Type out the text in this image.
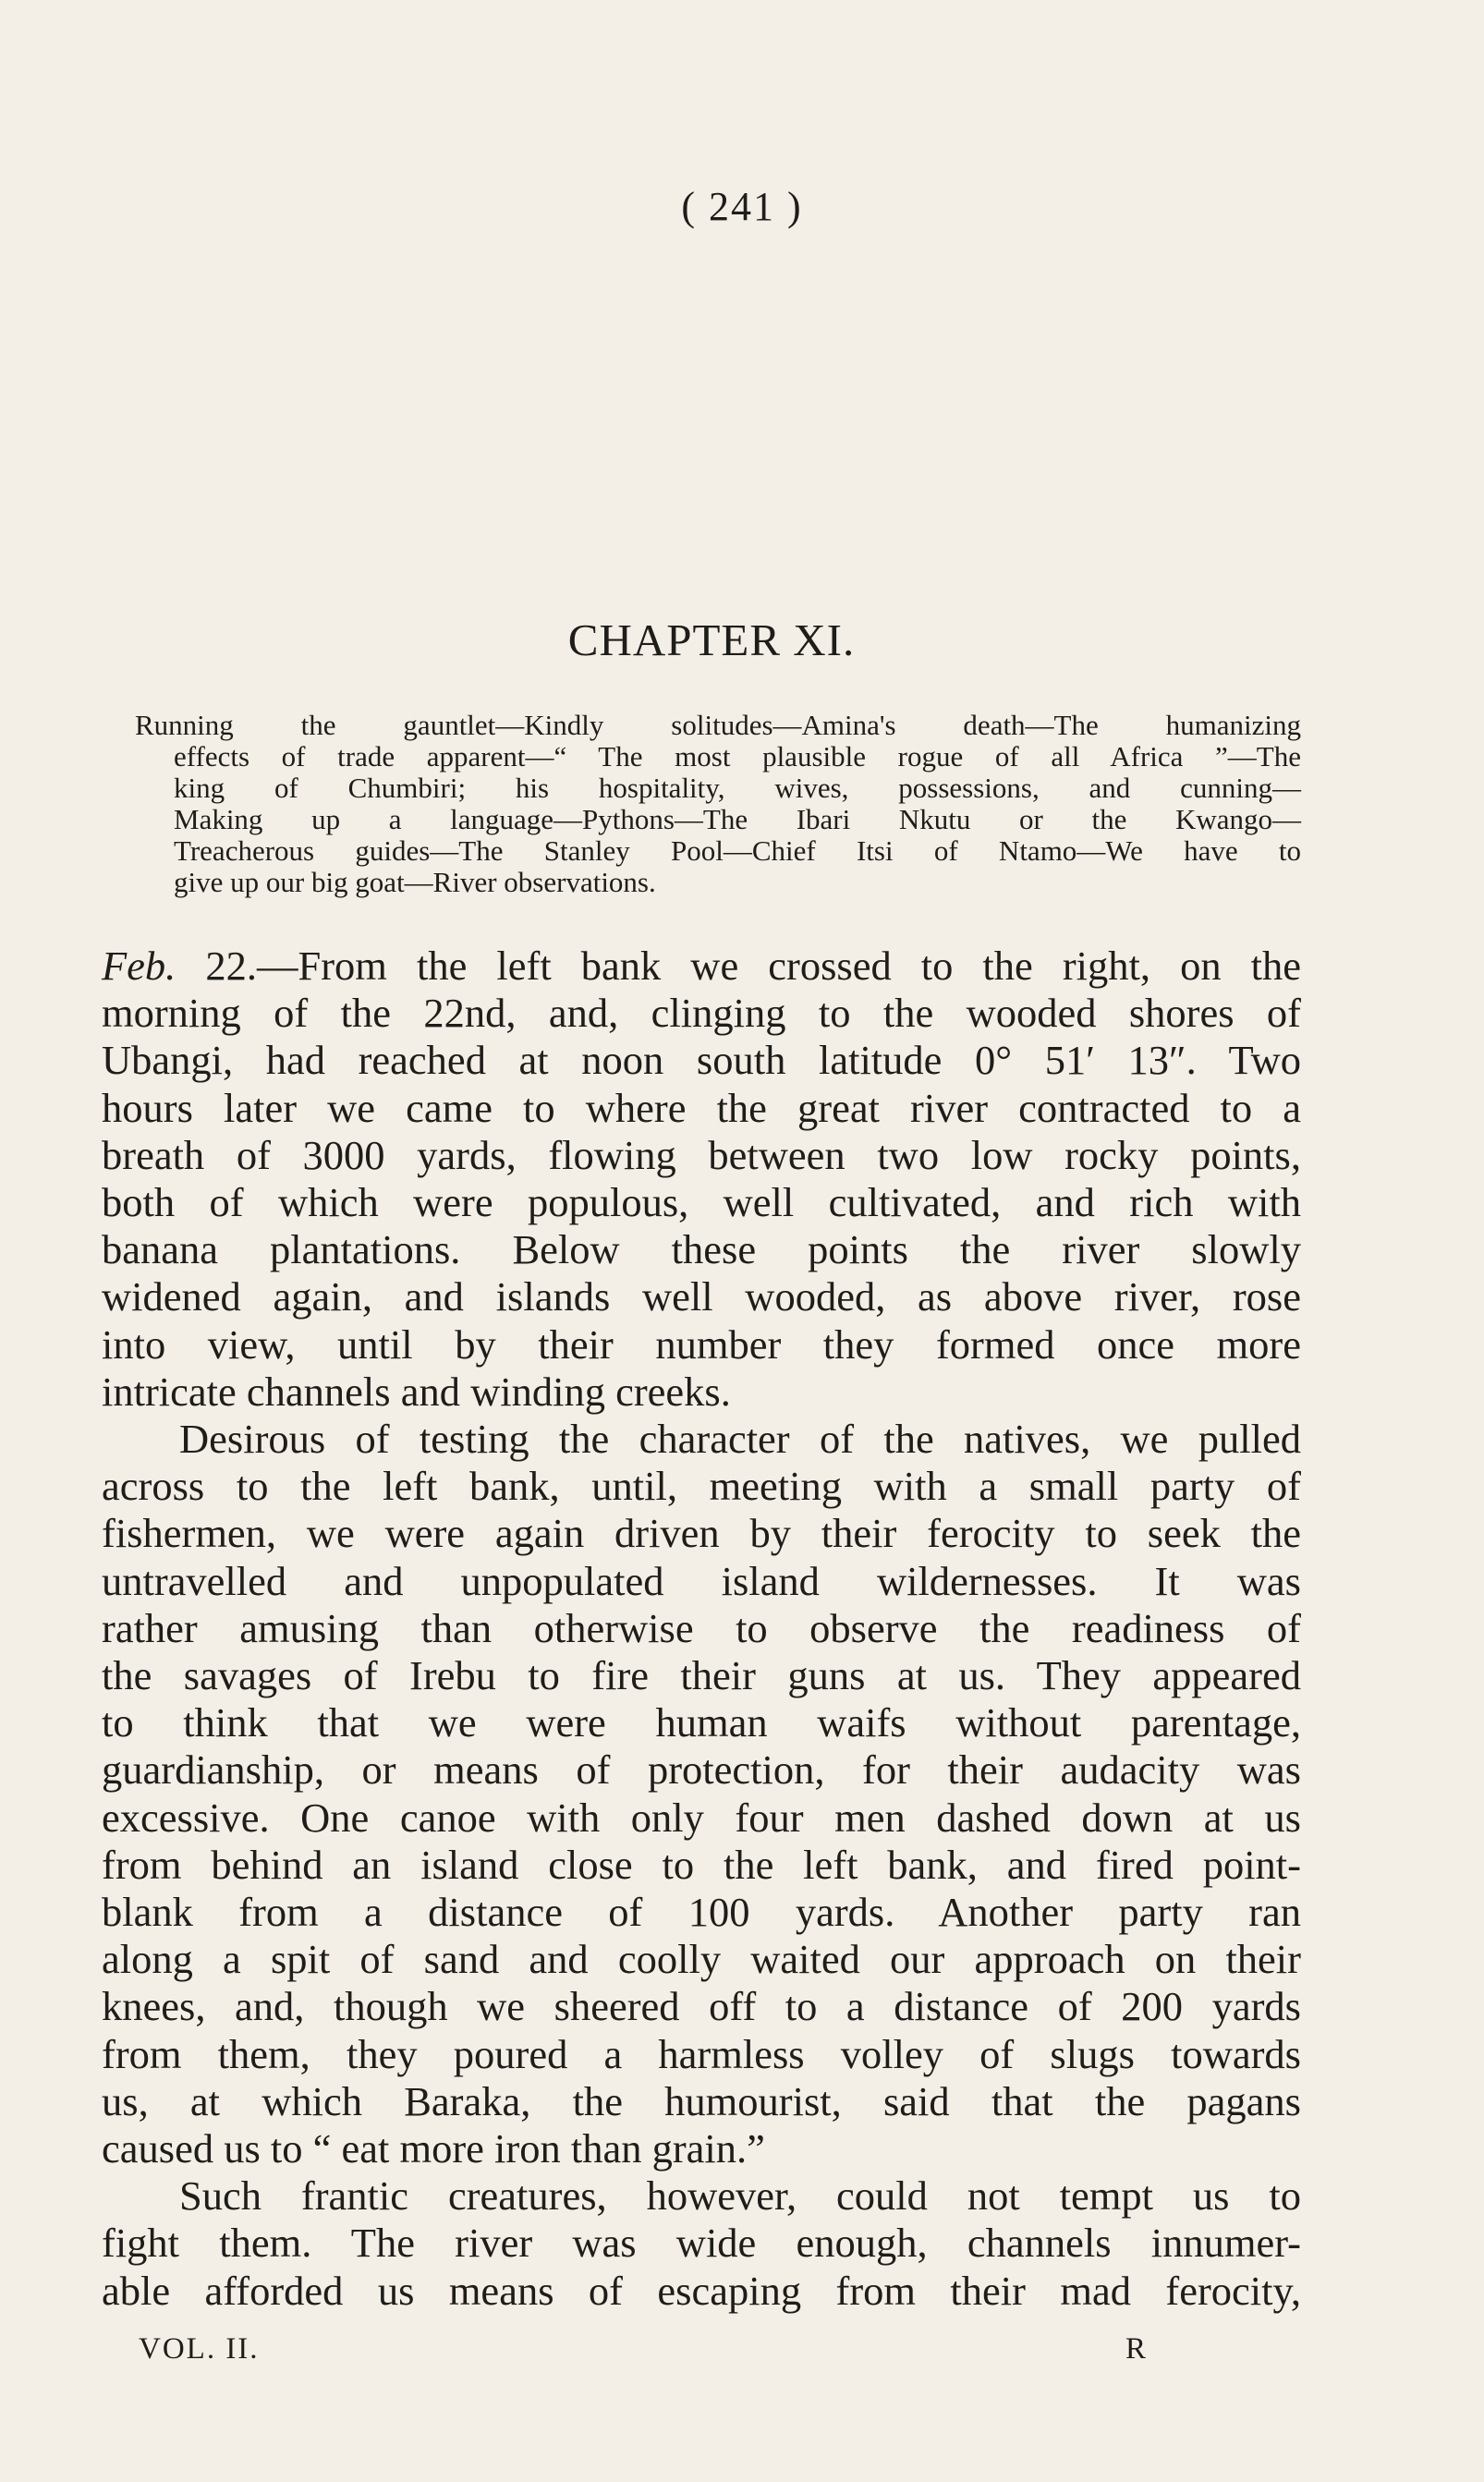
( 241 )
CHAPTER XI.
Running the gauntlet—Kindly solitudes—Amina's death—The humanizing
effects of trade apparent—“ The most plausible rogue of all Africa ”—The
king of Chumbiri; his hospitality, wives, possessions, and cunning—
Making up a language—Pythons—The Ibari Nkutu or the Kwango—
Treacherous guides—The Stanley Pool—Chief Itsi of Ntamo—We have to
give up our big goat—River observations.
Feb. 22.—From the left bank we crossed to the right, on the
morning of the 22nd, and, clinging to the wooded shores of
Ubangi, had reached at noon south latitude 0° 51′ 13″. Two
hours later we came to where the great river contracted to a
breath of 3000 yards, flowing between two low rocky points,
both of which were populous, well cultivated, and rich with
banana plantations. Below these points the river slowly
widened again, and islands well wooded, as above river, rose
into view, until by their number they formed once more
intricate channels and winding creeks.
Desirous of testing the character of the natives, we pulled
across to the left bank, until, meeting with a small party of
fishermen, we were again driven by their ferocity to seek the
untravelled and unpopulated island wildernesses. It was
rather amusing than otherwise to observe the readiness of
the savages of Irebu to fire their guns at us. They appeared
to think that we were human waifs without parentage,
guardianship, or means of protection, for their audacity was
excessive. One canoe with only four men dashed down at us
from behind an island close to the left bank, and fired point-
blank from a distance of 100 yards. Another party ran
along a spit of sand and coolly waited our approach on their
knees, and, though we sheered off to a distance of 200 yards
from them, they poured a harmless volley of slugs towards
us, at which Baraka, the humourist, said that the pagans
caused us to “ eat more iron than grain.”
Such frantic creatures, however, could not tempt us to
fight them. The river was wide enough, channels innumer-
able afforded us means of escaping from their mad ferocity,
VOL. II.	R
